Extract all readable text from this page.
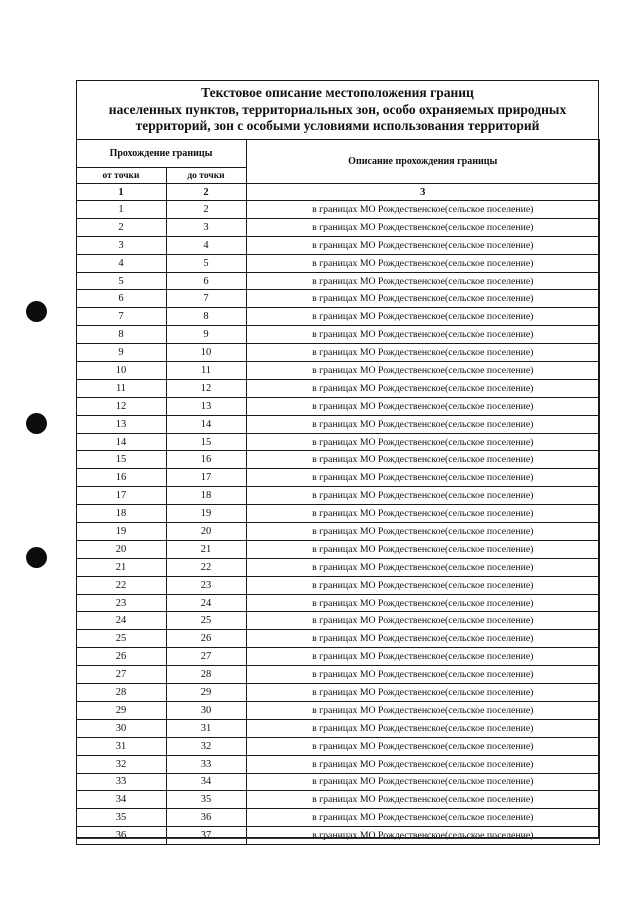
Текстовое описание местоположения границ
населенных пунктов, территориальных зон, особо охраняемых природных
территорий, зон с особыми условиями использования территорий
Прохождение границы		Описание прохождения границы
от точки	до точки	
1	2	3
1	2	в границах МО Рождественское(сельское поселение)
2	3	в границах МО Рождественское(сельское поселение)
3	4	в границах МО Рождественское(сельское поселение)
4	5	в границах МО Рождественское(сельское поселение)
5	6	в границах МО Рождественское(сельское поселение)
6	7	в границах МО Рождественское(сельское поселение)
7	8	в границах МО Рождественское(сельское поселение)
8	9	в границах МО Рождественское(сельское поселение)
9	10	в границах МО Рождественское(сельское поселение)
10	11	в границах МО Рождественское(сельское поселение)
11	12	в границах МО Рождественское(сельское поселение)
12	13	в границах МО Рождественское(сельское поселение)
13	14	в границах МО Рождественское(сельское поселение)
14	15	в границах МО Рождественское(сельское поселение)
15	16	в границах МО Рождественское(сельское поселение)
16	17	в границах МО Рождественское(сельское поселение)
17	18	в границах МО Рождественское(сельское поселение)
18	19	в границах МО Рождественское(сельское поселение)
19	20	в границах МО Рождественское(сельское поселение)
20	21	в границах МО Рождественское(сельское поселение)
21	22	в границах МО Рождественское(сельское поселение)
22	23	в границах МО Рождественское(сельское поселение)
23	24	в границах МО Рождественское(сельское поселение)
24	25	в границах МО Рождественское(сельское поселение)
25	26	в границах МО Рождественское(сельское поселение)
26	27	в границах МО Рождественское(сельское поселение)
27	28	в границах МО Рождественское(сельское поселение)
28	29	в границах МО Рождественское(сельское поселение)
29	30	в границах МО Рождественское(сельское поселение)
30	31	в границах МО Рождественское(сельское поселение)
31	32	в границах МО Рождественское(сельское поселение)
32	33	в границах МО Рождественское(сельское поселение)
33	34	в границах МО Рождественское(сельское поселение)
34	35	в границах МО Рождественское(сельское поселение)
35	36	в границах МО Рождественское(сельское поселение)
36	37	в границах МО Рождественское(сельское поселение)
